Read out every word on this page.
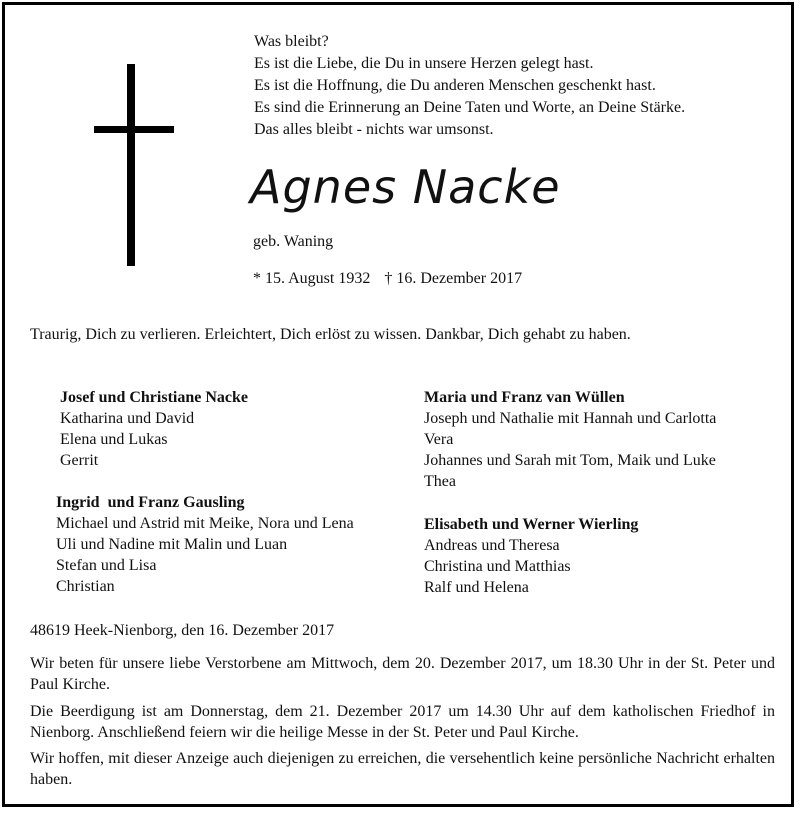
Was bleibt?
Es ist die Liebe, die Du in unsere Herzen gelegt hast.
Es ist die Hoffnung, die Du anderen Menschen geschenkt hast.
Es sind die Erinnerung an Deine Taten und Worte, an Deine Stärke.
Das alles bleibt - nichts war umsonst.
Agnes Nacke
geb. Waning
* 15. August 1932 † 16. Dezember 2017
Traurig, Dich zu verlieren. Erleichtert, Dich erlöst zu wissen. Dankbar, Dich gehabt zu haben.
Josef und Christiane Nacke
Katharina und David
Elena und Lukas
Gerrit
Ingrid  und Franz Gausling
Michael und Astrid mit Meike, Nora und Lena
Uli und Nadine mit Malin und Luan
Stefan und Lisa
Christian
Maria und Franz van Wüllen
Joseph und Nathalie mit Hannah und Carlotta
Vera
Johannes und Sarah mit Tom, Maik und Luke
Thea
Elisabeth und Werner Wierling
Andreas und Theresa
Christina und Matthias
Ralf und Helena
48619 Heek-Nienborg, den 16. Dezember 2017
Wir beten für unsere liebe Verstorbene am Mittwoch, dem 20. Dezember 2017, um 18.30 Uhr in der St. Peter und Paul Kirche.
Die Beerdigung ist am Donnerstag, dem 21. Dezember 2017 um 14.30 Uhr auf dem katholischen Friedhof in Nienborg. Anschließend feiern wir die heilige Messe in der St. Peter und Paul Kirche.
Wir hoffen, mit dieser Anzeige auch diejenigen zu erreichen, die versehentlich keine persönliche Nachricht erhalten haben.
